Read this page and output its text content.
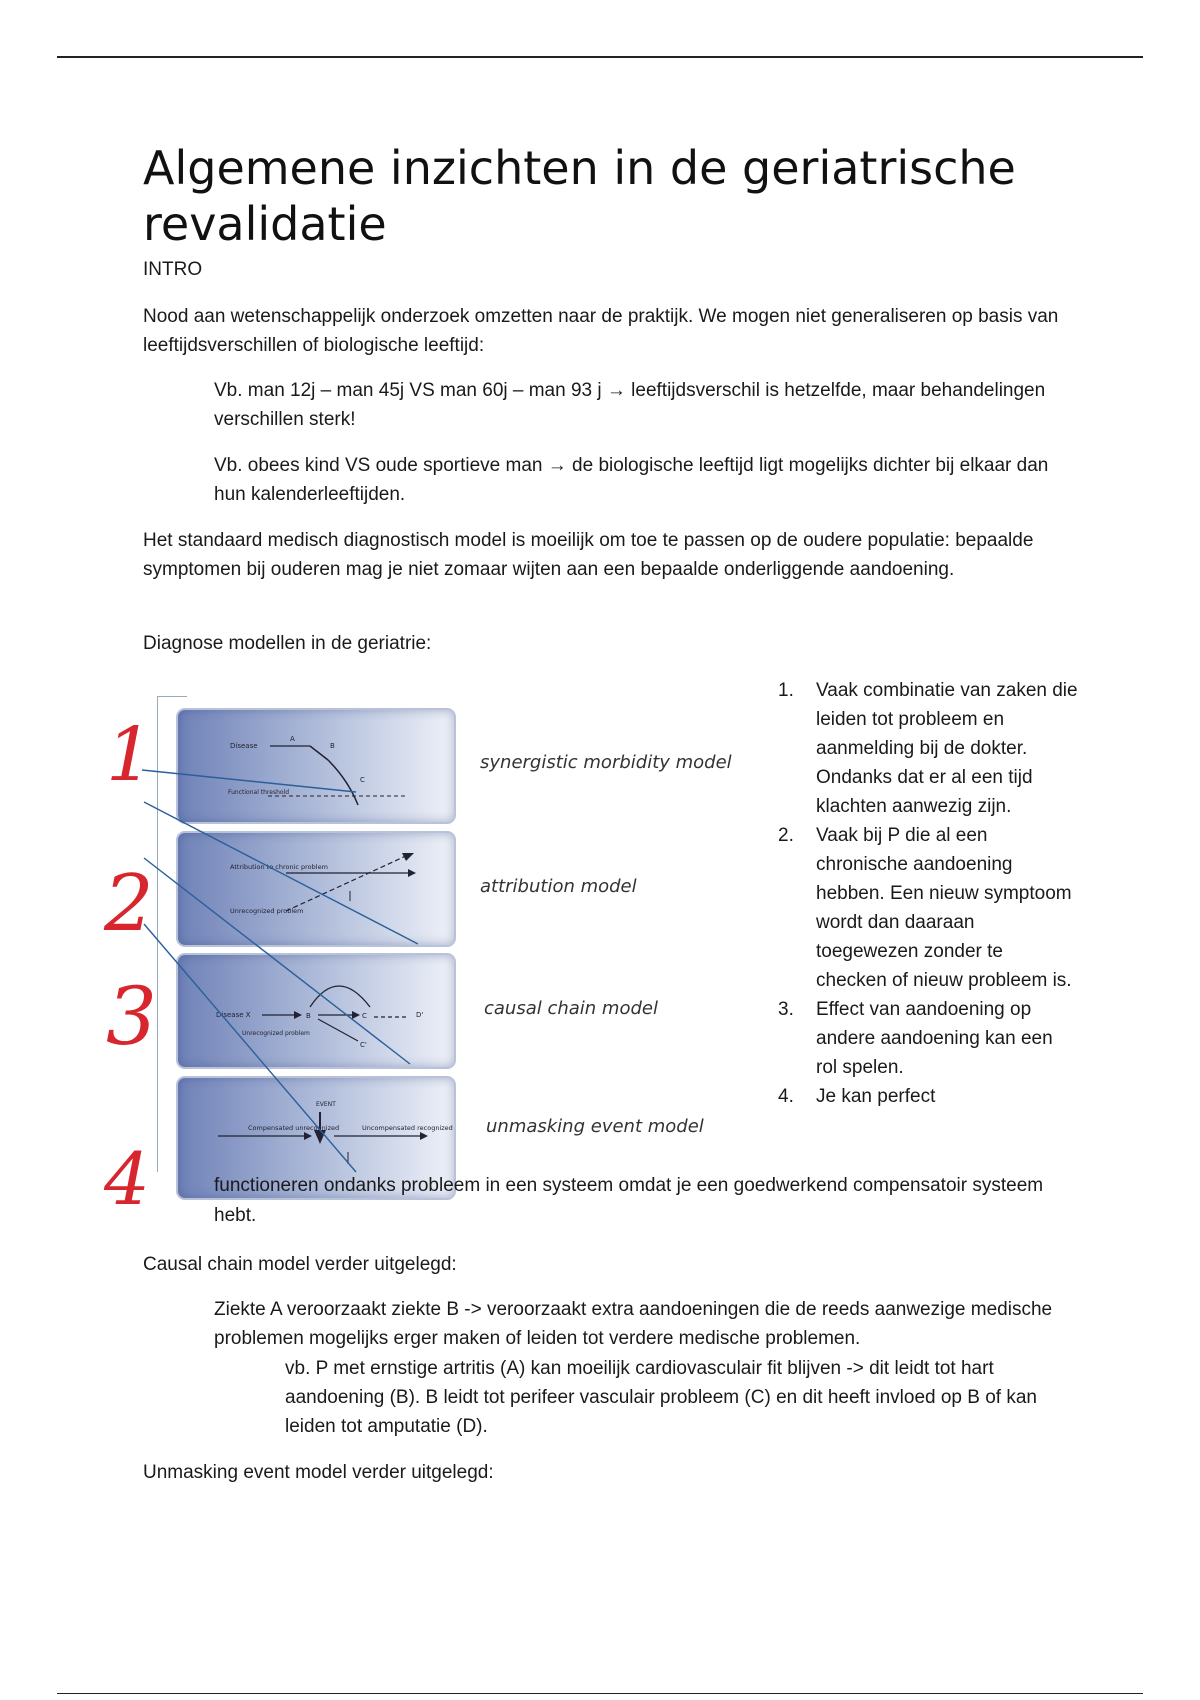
Algemene inzichten in de geriatrische revalidatie
INTRO
Nood aan wetenschappelijk onderzoek omzetten naar de praktijk. We mogen niet generaliseren op basis van leeftijdsverschillen of biologische leeftijd:
Vb. man 12j – man 45j VS man 60j – man 93 j → leeftijdsverschil is hetzelfde, maar behandelingen verschillen sterk!
Vb. obees kind VS oude sportieve man → de biologische leeftijd ligt mogelijks dichter bij elkaar dan hun kalenderleeftijden.
Het standaard medisch diagnostisch model is moeilijk om toe te passen op de oudere populatie: bepaalde symptomen bij ouderen mag je niet zomaar wijten aan een bepaalde onderliggende aandoening.
Diagnose modellen in de geriatrie:
Disease
A
B
C
Functional threshold
synergistic morbidity model
Attribution to chronic problem
Unrecognized problem
attribution model
Disease X	B	C
C'
D'
Unrecognized problem
causal chain model
EVENT
Compensated unrecognized	Uncompensated recognized unmasking event model
1
2
3
4
1. Vaak combinatie van zaken die leiden tot probleem en aanmelding bij de dokter. Ondanks dat er al een tijd klachten aanwezig zijn.
2. Vaak bij P die al een chronische aandoening hebben. Een nieuw symptoom wordt dan daaraan toegewezen zonder te checken of nieuw probleem is.
3. Effect van aandoening op andere aandoening kan een rol spelen.
4. Je kan perfect
functioneren ondanks probleem in een systeem omdat je een goedwerkend compensatoir systeem hebt.
Causal chain model verder uitgelegd:
Ziekte A veroorzaakt ziekte B -> veroorzaakt extra aandoeningen die de reeds aanwezige medische problemen mogelijks erger maken of leiden tot verdere medische problemen.
vb. P met ernstige artritis (A) kan moeilijk cardiovasculair fit blijven -> dit leidt tot hart aandoening (B). B leidt tot perifeer vasculair probleem (C) en dit heeft invloed op B of kan leiden tot amputatie (D).
Unmasking event model verder uitgelegd:
